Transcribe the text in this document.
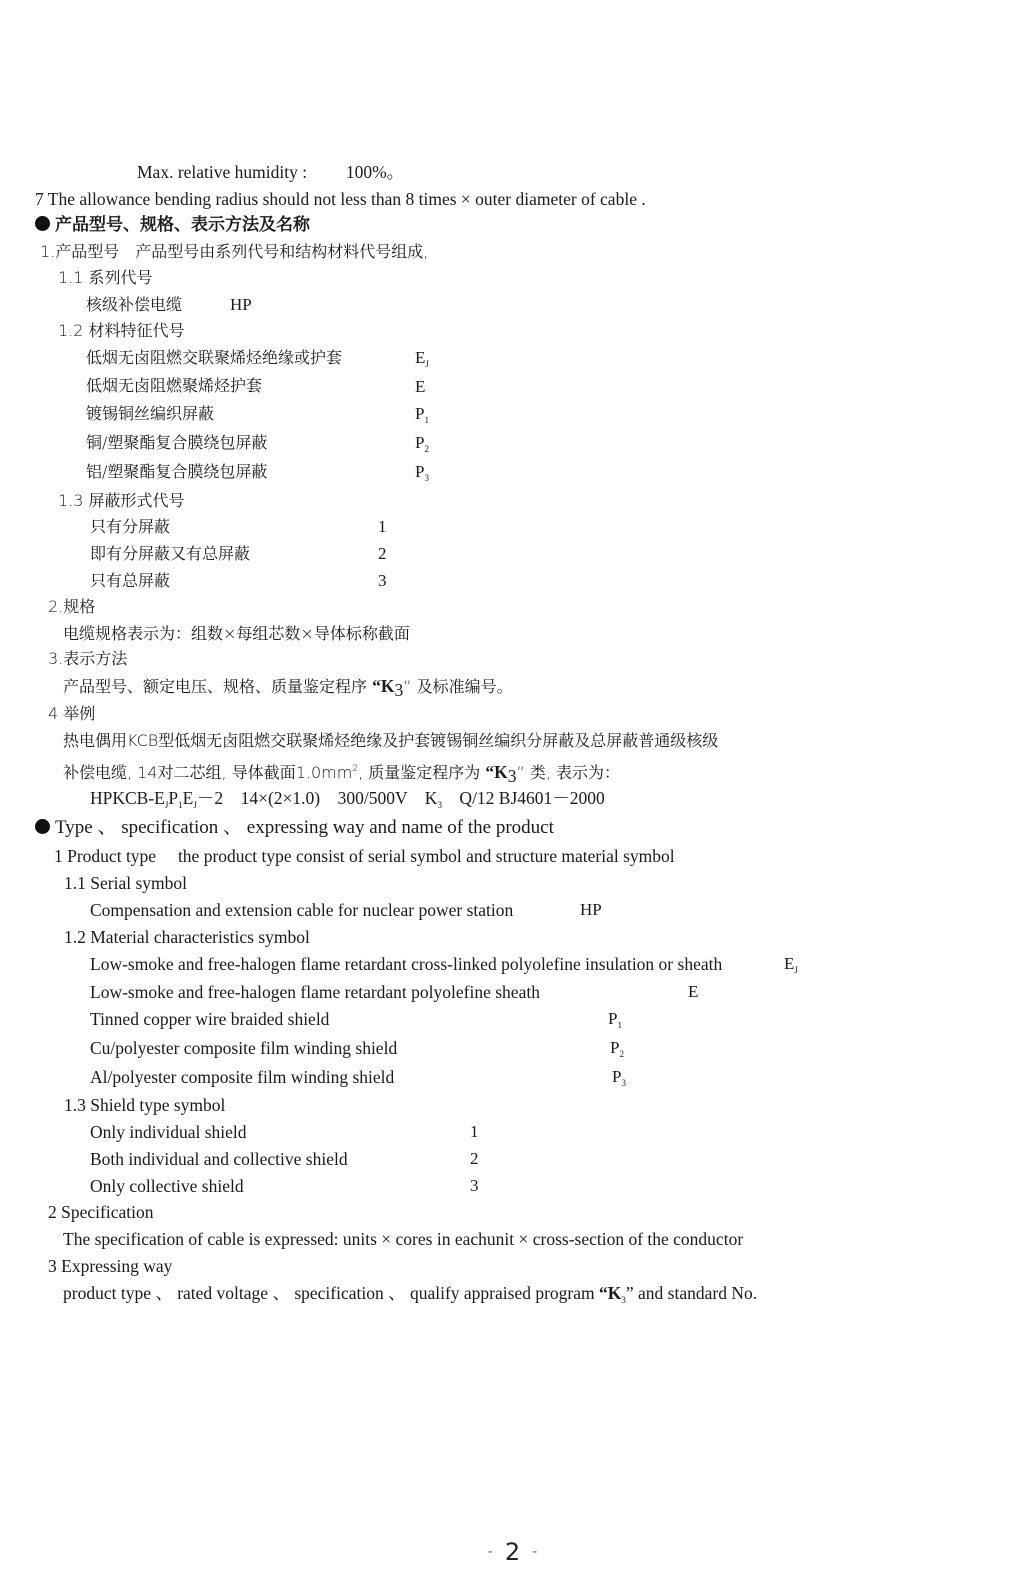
Max. relative humidity : 100%。
7 The allowance bending radius should not less than 8 times × outer diameter of cable .
产品型号、规格、表示方法及名称
1.产品型号　产品型号由系列代号和结构材料代号组成,
1.1 系列代号
核级补偿电缆	HP
1.2 材料特征代号
低烟无卤阻燃交联聚烯烃绝缘或护套	$E_J$
低烟无卤阻燃聚烯烃护套	E
镀锡铜丝编织屏蔽	$P_1$
铜/塑聚酯复合膜绕包屏蔽	$P_2$
铝/塑聚酯复合膜绕包屏蔽	$P_3$
1.3 屏蔽形式代号
只有分屏蔽	1
即有分屏蔽又有总屏蔽	2
只有总屏蔽	3
2.规格
电缆规格表示为：组数×每组芯数×导体标称截面
3.表示方法
产品型号、额定电压、规格、质量鉴定程序 “$K_3$” 及标准编号。
4 举例
热电偶用KCB型低烟无卤阻燃交联聚烯烃绝缘及护套镀锡铜丝编织分屏蔽及总屏蔽普通级核级
补偿电缆, 14对二芯组, 导体截面$1.0mm^2$, 质量鉴定程序为 “$K_3$” 类, 表示为：
HPKCB-$E_JP_1E_J-2$　14×(2×1.0)　300/500V　$K_3$　Q/12 BJ4601－2000
Type 、 specification 、 expressing way and name of the product
1 Product type　 the product type consist of serial symbol and structure material symbol
1.1 Serial symbol
Compensation and extension cable for nuclear power station	HP
1.2 Material characteristics symbol
Low-smoke and free-halogen flame retardant cross-linked polyolefine insulation or sheath	$E_J$
Low-smoke and free-halogen flame retardant polyolefine sheath	E
Tinned copper wire braided shield	$P_1$
Cu/polyester composite film winding shield	$P_2$
Al/polyester composite film winding shield	$P_3$
1.3 Shield type symbol
Only individual shield	1
Both individual and collective shield	2
Only collective shield	3
2 Specification
The specification of cable is expressed: units × cores in eachunit × cross-section of the conductor
3 Expressing way
product type 、 rated voltage 、 specification 、 qualify appraised program “$K_3$” and standard No.
- 2 -
